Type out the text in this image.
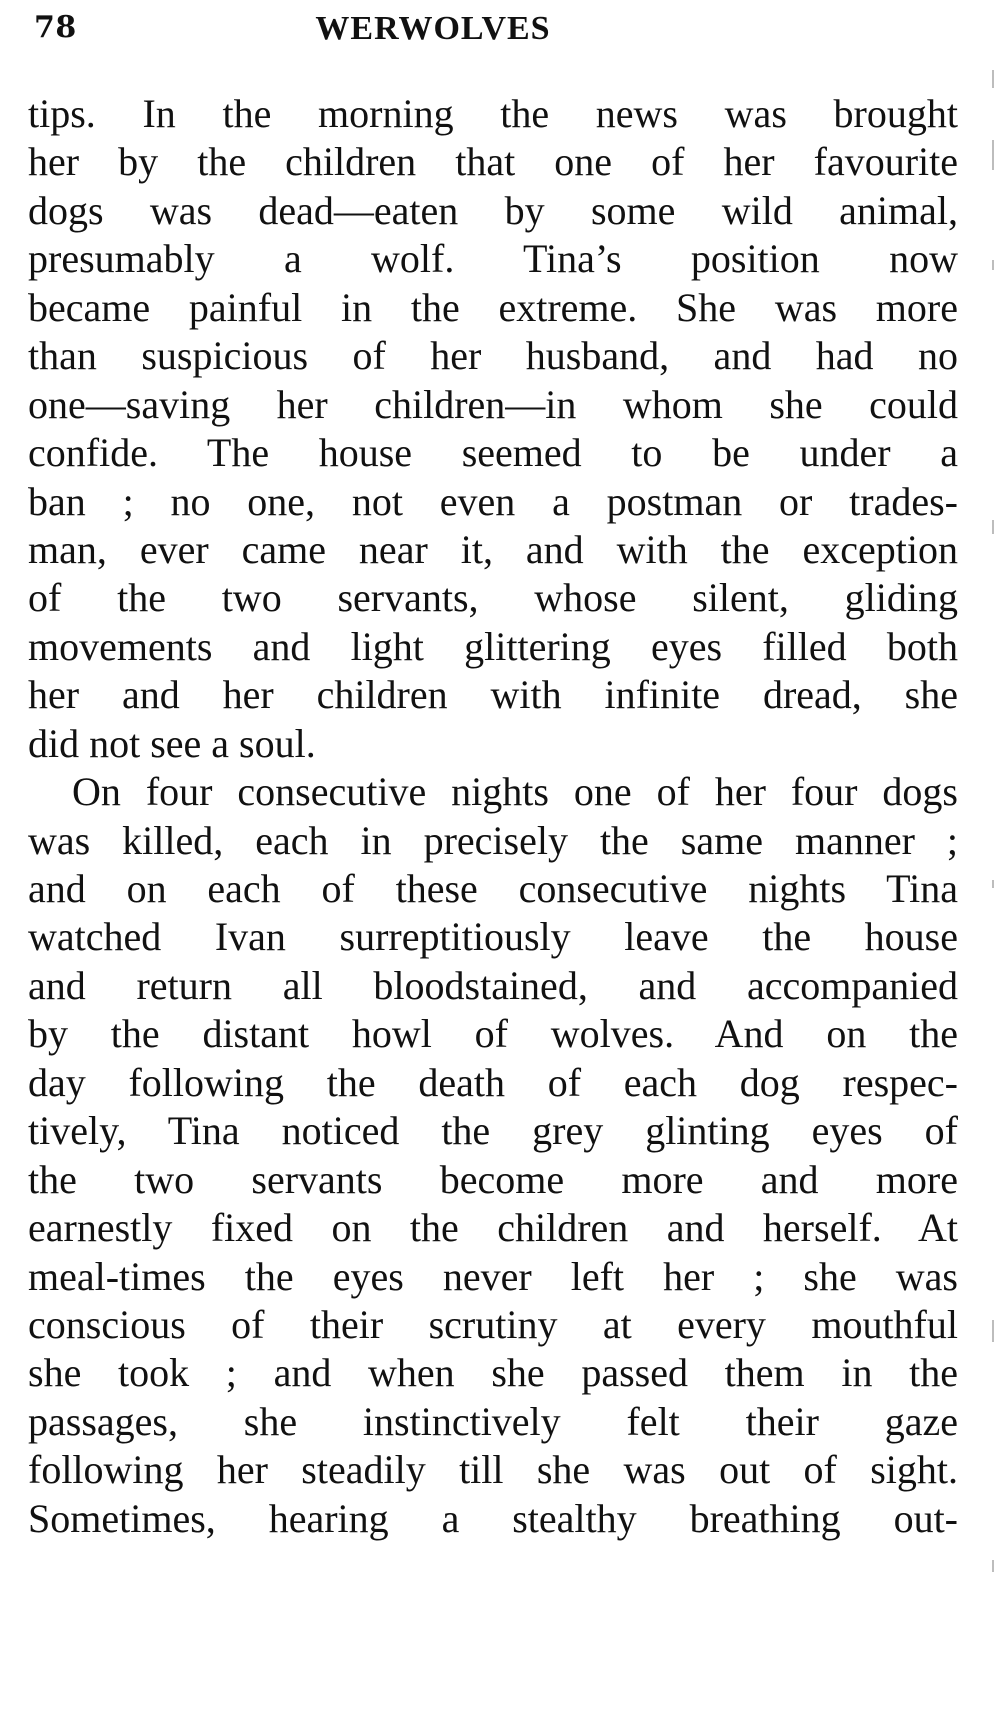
78	WERWOLVES
tips. In the morning the news was brought
her by the children that one of her favourite
dogs was dead—eaten by some wild animal,
presumably a wolf. Tina’s position now
became painful in the extreme. She was more
than suspicious of her husband, and had no
one—saving her children—in whom she could
confide. The house seemed to be under a
ban ; no one, not even a postman or trades-
man, ever came near it, and with the exception
of the two servants, whose silent, gliding
movements and light glittering eyes filled both
her and her children with infinite dread, she
did not see a soul.
On four consecutive nights one of her four dogs
was killed, each in precisely the same manner ;
and on each of these consecutive nights Tina
watched Ivan surreptitiously leave the house
and return all bloodstained, and accompanied
by the distant howl of wolves. And on the
day following the death of each dog respec-
tively, Tina noticed the grey glinting eyes of
the two servants become more and more
earnestly fixed on the children and herself. At
meal-times the eyes never left her ; she was
conscious of their scrutiny at every mouthful
she took ; and when she passed them in the
passages, she instinctively felt their gaze
following her steadily till she was out of sight.
Sometimes, hearing a stealthy breathing out-
